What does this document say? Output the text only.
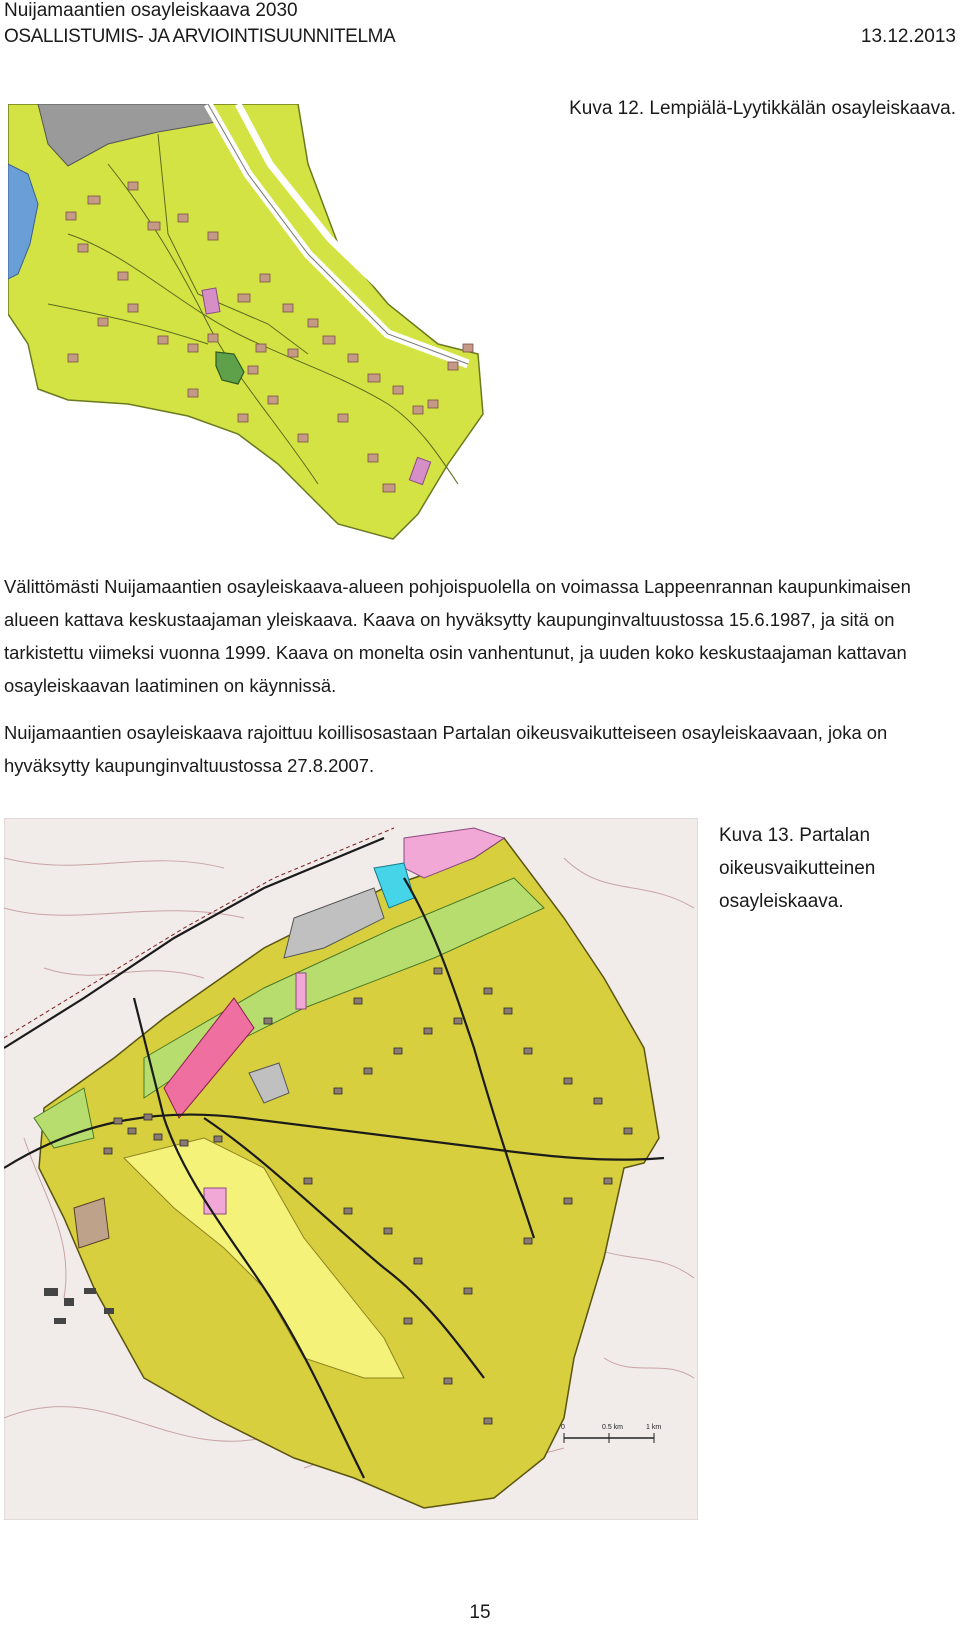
Nuijamaantien osayleiskaava 2030
OSALLISTUMIS- JA ARVIOINTISUUNNITELMA	13.12.2013
Kuva 12. Lempiälä-Lyytikkälän osayleiskaava.
Välittömästi Nuijamaantien osayleiskaava-alueen pohjoispuolella on voimassa Lappeenrannan kaupunkimaisen alueen kattava keskustaajaman yleiskaava. Kaava on hyväksytty kaupunginvaltuustossa 15.6.1987, ja sitä on tarkistettu viimeksi vuonna 1999. Kaava on monelta osin vanhentunut, ja uuden koko keskustaajaman kattavan osayleiskaavan laatiminen on käynnissä.
Nuijamaantien osayleiskaava rajoittuu koillisosastaan Partalan oikeusvaikutteiseen osayleiskaavaan, joka on hyväksytty kaupunginvaltuustossa 27.8.2007.
0	0.5 km	1 km
Kuva 13. Partalan oikeusvaikutteinen osayleiskaava.
15
